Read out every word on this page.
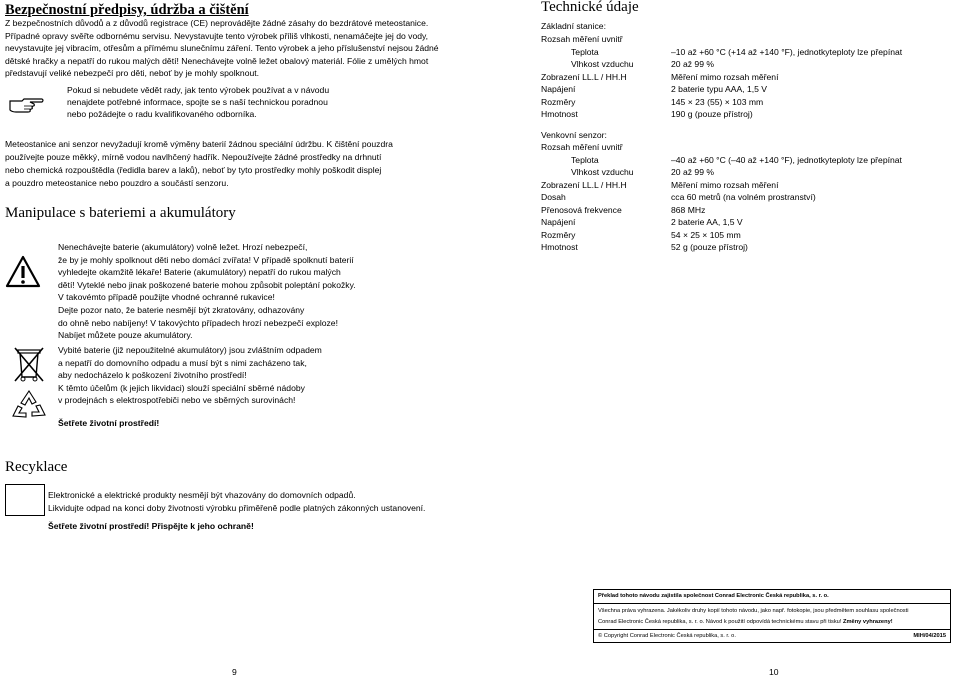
Bezpečnostní předpisy, údržba a čištění
Z bezpečnostních důvodů a z důvodů registrace (CE) neprovádějte žádné zásahy do bezdrátové meteostanice.
Případné opravy svěřte odbornému servisu. Nevystavujte tento výrobek příliš vlhkosti, nenamáčejte jej do vody,
nevystavujte jej vibracím, otřesům a přímému slunečnímu záření. Tento výrobek a jeho příslušenství nejsou žádné
dětské hračky a nepatří do rukou malých dětí! Nenechávejte volně ležet obalový materiál. Fólie z umělých hmot
představují veliké nebezpečí pro děti, neboť by je mohly spolknout.
Pokud si nebudete vědět rady, jak tento výrobek používat a v návodu
nenajdete potřebné informace, spojte se s naší technickou poradnou
nebo požádejte o radu kvalifikovaného odborníka.
Meteostanice ani senzor nevyžadují kromě výměny baterií žádnou speciální údržbu. K čištění pouzdra
používejte pouze měkký, mírně vodou navlhčený hadřík. Nepoužívejte žádné prostředky na drhnutí
nebo chemická rozpouštědla (ředidla barev a laků), neboť by tyto prostředky mohly poškodit displej
a pouzdro meteostanice nebo pouzdro a součástí senzoru.
Manipulace s bateriemi a akumulátory
Nenechávejte baterie (akumulátory) volně ležet. Hrozí nebezpečí,
že by je mohly spolknout děti nebo domácí zvířata! V případě spolknutí baterií
vyhledejte okamžitě lékaře! Baterie (akumulátory) nepatří do rukou malých
dětí! Vyteklé nebo jinak poškozené baterie mohou způsobit poleptání pokožky.
V takovémto případě použijte vhodné ochranné rukavice!
Dejte pozor nato, že baterie nesmějí být zkratovány, odhazovány
do ohně nebo nabíjeny! V takovýchto případech hrozí nebezpečí exploze!
Nabíjet můžete pouze akumulátory.
Vybité baterie (již nepoužitelné akumulátory) jsou zvláštním odpadem
a nepatří do domovního odpadu a musí být s nimi zacházeno tak,
aby nedocházelo k poškození životního prostředí!
K těmto účelům (k jejich likvidaci) slouží speciální sběrné nádoby
v prodejnách s elektrospotřebiči nebo ve sběrných surovinách!
Šetřete životní prostředí!
Recyklace
Elektronické a elektrické produkty nesmějí být vhazovány do domovních odpadů.
Likvidujte odpad na konci doby životnosti výrobku přiměřeně podle platných zákonných ustanovení.
Šetřete životní prostředí! Přispějte k jeho ochraně!
9
Technické údaje
Základní stanice:
Rozsah měření uvnitř
Teplota	–10 až +60 °C (+14 až +140 °F), jednotkyteploty lze přepínat
Vlhkost vzduchu	20 až 99 %
Zobrazení LL.L / HH.H	Měření mimo rozsah měření
Napájení	2 baterie typu AAA, 1,5 V
Rozměry	145 × 23 (55) × 103 mm
Hmotnost	190 g (pouze přístroj)
Venkovní senzor:
Rozsah měření uvnitř
Teplota	–40 až +60 °C (–40 až +140 °F), jednotkyteploty lze přepínat
Vlhkost vzduchu	20 až 99 %
Zobrazení LL.L / HH.H	Měření mimo rozsah měření
Dosah	cca 60 metrů (na volném prostranství)
Přenosová frekvence	868 MHz
Napájení	2 baterie AA, 1,5 V
Rozměry	54 × 25 × 105 mm
Hmotnost	52 g (pouze přístroj)
Překlad tohoto návodu zajistila společnost Conrad Electronic Česká republika, s. r. o.
Všechna práva vyhrazena. Jakékoliv druhy kopií tohoto návodu, jako např. fotokopie, jsou předmětem souhlasu společnosti
Conrad Electronic Česká republika, s. r. o. Návod k použití odpovídá technickému stavu při tisku! Změny vyhrazeny!
© Copyright Conrad Electronic Česká republika, s. r. o.	MIH/04/2015
10
